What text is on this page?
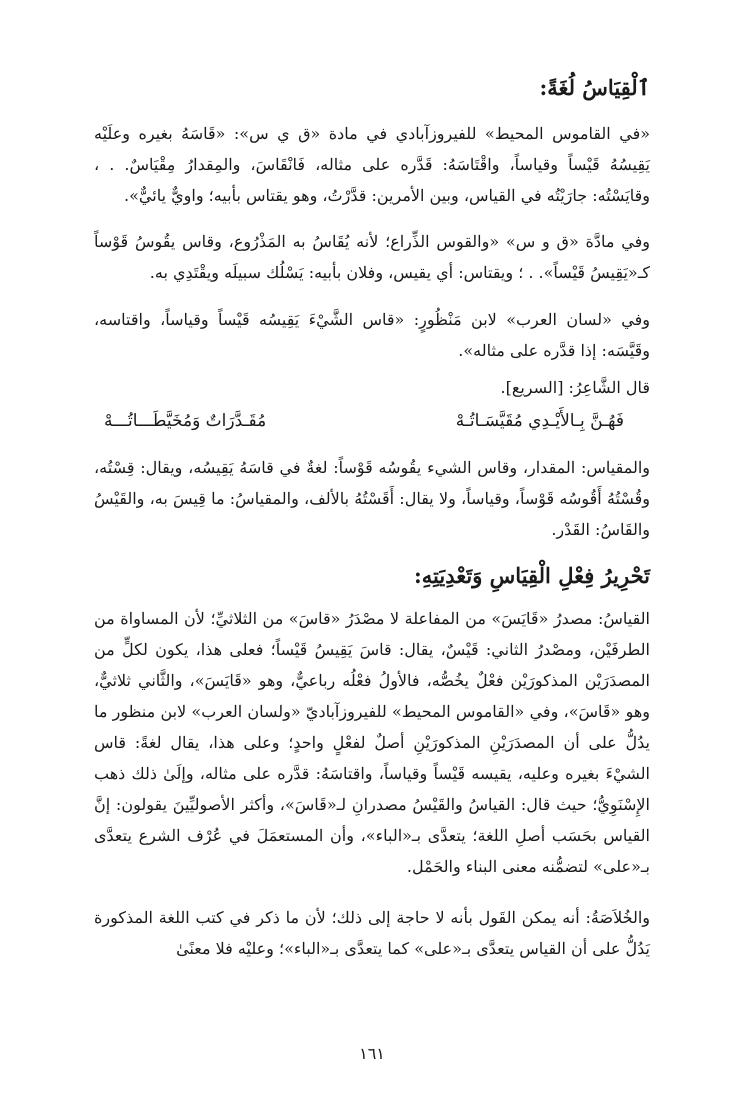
ٱلْقِيَاسُ لُغَةً:

«في القاموس المحيط» للفيروزآبادي في مادة «ق ي س»: «قَاسَهُ بغيره وعلَيْه يَقِيسُهُ قَيْساً وقياساً، واقْتَاسَهُ: قَدَّره على مثاله، فَانْقَاسَ، والمِقدارُ مِقْيَاسٌ. . ، وقايَسْتُه: جارَيْتُه في القياس، وبين الأمرين: قدَّرْتُ، وهو يقتاس بأبيه؛ واويٌّ يائيٌّ».

وفي مادَّة «ق و س» «والقوس الذِّراع؛ لأنه يُقَاسُ به المَذْرُوع، وقاس يقُوسُ قَوْساً كـ«يَقِيسُ قَيْساً». . ؛ ويقتاس: أي يقيس، وفلان بأبيه: يَسْلُك سبيلَه ويقْتَدِي به.

وفي «لسان العرب» لابن مَنْظُورٍ: «قاس الشَّيْءَ يَقِيسُه قَيْساً وقياساً، واقتاسه، وقَيَّسَه: إذا قدَّره على مثاله».

قال الشَّاعِرُ: [السريع].

فَهُـنَّ بِـالأَيْـدِي مُقَيَّسَـاتُـهْ
مُقَـدَّرَاتٌ وَمُخَيَّطَـــاتُـــهْ

والمقياس: المقدار، وقاس الشيء يقُوسُه قَوْساً: لغةٌ في قاسَهُ يَقِيسُه، ويقال: قِسْتُه، وقُسْتُهُ أَقُوسُه قَوْساً، وقياساً، ولا يقال: أَقَسْتُهُ بالألف، والمقياسُ: ما قِيسَ به، والقَيْسُ والقَاسُ: القَدْر.

تَحْرِيرُ فِعْلِ الْقِيَاسِ وَتَعْدِيَتِهِ:

القياسُ: مصدرُ «قَايَسَ» من المفاعلة لا مصْدَرُ «قاسَ» من الثلاثيِّ؛ لأن المساواة من الطرفَيْن، ومصْدرُ الثاني: قَيْسٌ، يقال: قاسَ يَقِيسُ قَيْساً؛ فعلى هذا، يكون لكلٍّ من المصدَرَيْن المذكورَيْن فعْلٌ يخُصُّه، فالأولُ فعْلُه رباعيٌّ، وهو «قَايَسَ»، والثَّاني ثلاثيٌّ، وهو «قَاسَ»، وفي «القاموس المحيط» للفيروزآباديّ «ولسان العرب» لابن منظور ما يدُلُّ على أن المصدَرَيْنِ المذكورَيْنِ أصلٌ لفعْلٍ واحدٍ؛ وعلى هذا، يقال لغةً: قاس الشيْءَ بغيره وعليه، يقيسه قَيْساً وقياساً، واقتاسَهُ: قدَّره على مثاله، وإلَىٰ ذلك ذهب الإِسْنَوِيُّ؛ حيث قال: القياسُ والقَيْسُ مصدرانِ لـ«قَاسَ»، وأكثر الأصوليِّينَ يقولون: إنَّ القياس بحَسَب أصلِ اللغة؛ يتعدَّى بـ«الباء»، وأن المستعمَلَ في عُرْف الشرع يتعدَّى بـ«على» لتضمُّنه معنى البناء والحَمْل.

والخُلاَصَةُ: أنه يمكن القَول بأنه لا حاجة إلى ذلك؛ لأن ما ذكر في كتب اللغة المذكورة يَدُلُّ على أن القياس يتعدَّى بـ«على» كما يتعدَّى بـ«الباء»؛ وعليْه فلا معنًىٰ

١٦١
